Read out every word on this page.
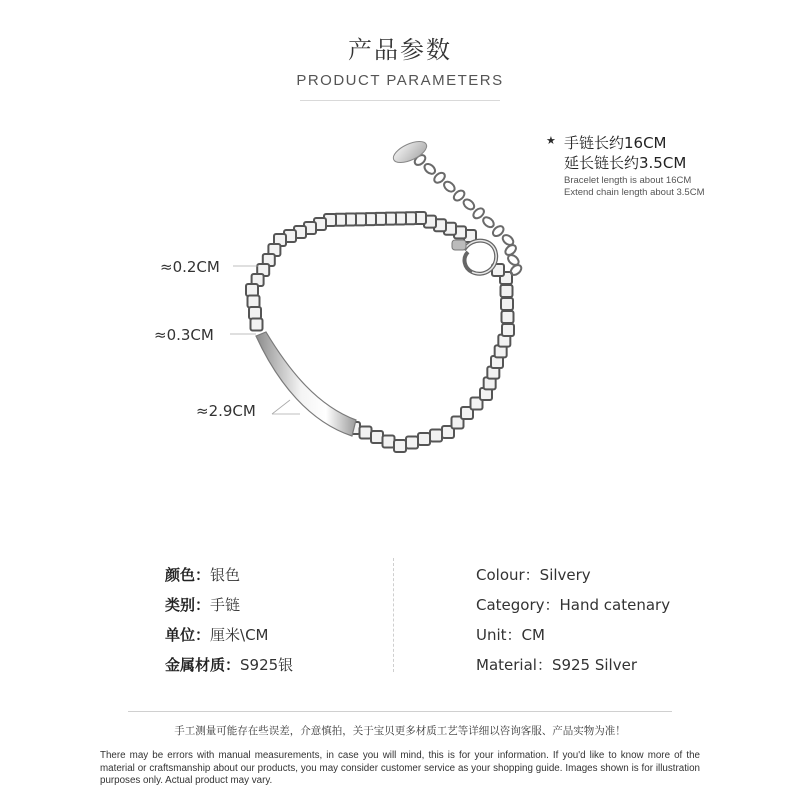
产品参数
PRODUCT PARAMETERS
★ 手链长约16CM
延长链长约3.5CM
Bracelet length is about 16CM
Extend chain length about 3.5CM
≈0.2CM
≈0.3CM
≈2.9CM
颜色：银色
类别：手链
单位：厘米\CM
金属材质：S925银
Colour：Silvery
Category：Hand catenary
Unit：CM
Material：S925 Silver
手工测量可能存在些误差，介意慎拍，关于宝贝更多材质工艺等详细以咨询客服、产品实物为准！
There may be errors with manual measurements, in case you will mind, this is for your information. If you'd like to know more of the material or craftsmanship about our products, you may consider customer service as your shopping guide. Images shown is for illustration purposes only. Actual product may vary.
